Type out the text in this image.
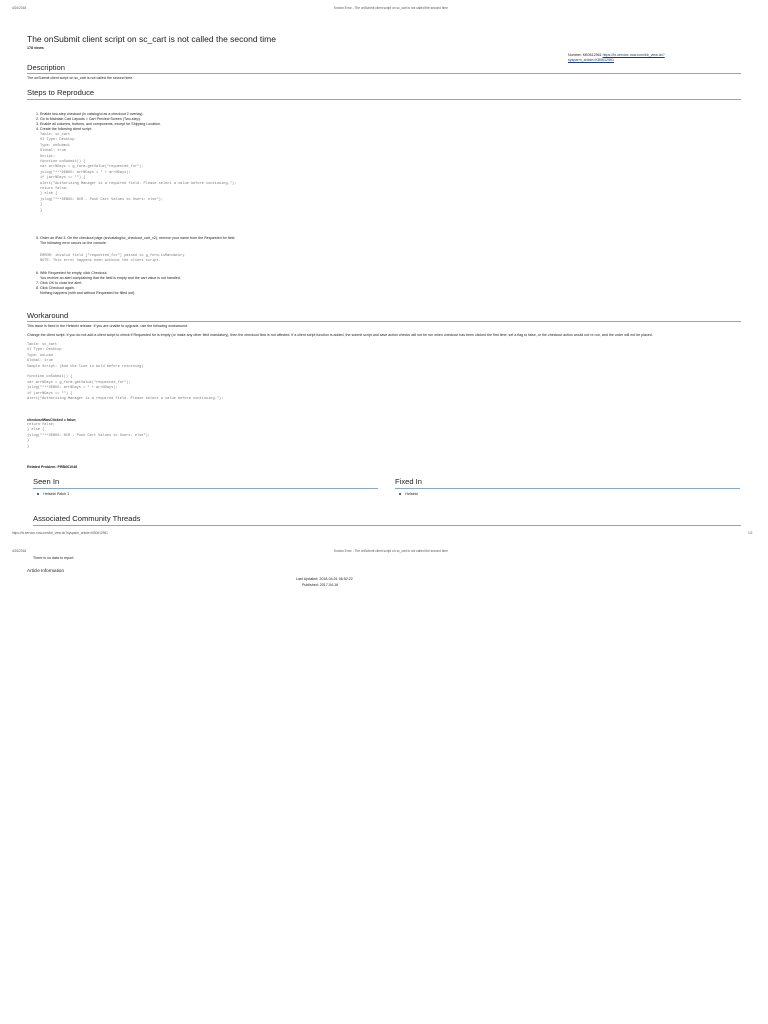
4/24/2018	Known Error - The onSubmit client script on sc_cart is not called the second time
The onSubmit client script on sc_cart is not called the second time
178 views
Number: KB0612961 https://hi.service-now.com/kb_view.do?
sysparm_article=KB0612961
Description
The onSubmit client script on sc_cart is not called the second time.
Steps to Reproduce
1. Enable two-step checkout (in catalog/ui as a checkout 2 overlay).
2. Go to Maintain Cart Layouts > Cart Preview Screen (Two-step).
3. Enable all columns, buttons, and components, except for Shipping Location.
4. Create the following client script:
Table: sc_cart
UI Type: Desktop
Type: onSubmit
Global: true
Script:
function onSubmit() {
var arrNDays = g_form.getValue("requested_for");
jslog("***DEBUG: arrNDays = " + arrNDays);
if (arrNDays == "") {
alert("Authorizing Manager is a required field. Please select a value before continuing.");
return false;
} else {
jslog("***DEBUG: NCR - Push Cart Values to Users: else");
}
}
5. Order an iPad 3. On the checkout page (sn/catalog/sc_checkout_cart_v2), remove your name from the Requested for field.
The following error occurs on the console:
ERROR: invalid field ["requested_for"] passed to g_form.isMandatory
NOTE: This error happens even without the client script.
6. With Requested for empty, click Checkout.
You receive an alert complaining that the field is empty and the cart value is not handled.
7. Click OK to close the alert.
8. Click Checkout again.
Nothing happens (with and without Requested for filled out).
Workaround
This issue is fixed in the Helsinki release. If you are unable to upgrade, use the following workaround.
Change the client script. If you do not add a client script to check if Requested for is empty (or make any other field mandatory), then the checkout flow is not affected. If a client script function is added, the submit script and save action checks will not be run when checkout has been clicked the first time; set a flag to false, or the checkout action would not re-run, and the order will not be placed.
Table: sc_cart
UI Type: Desktop
Type: onLoad
Global: true
Sample Script: (Add the line in bold before returning)

function onSubmit() {
var arrNDays = g_form.getValue("requested_for");
jslog("***DEBUG: arrNDays = " + arrNDays);
if (arrNDays == "") {
alert("Authorizing Manager is a required field. Please select a value before continuing.");
checkoutWasClicked = false;
return false;
} else {
jslog("***DEBUG: NCR - Push Cart Values to Users: else");
}
}
Related Problem: PRB661048
Seen In
Helsinki Patch 1
Fixed In
Helsinki
Associated Community Threads
https://hi.service-now.com/kb_view.do?sysparm_article=KB0612961	1/2
4/24/2018	Known Error - The onSubmit client script on sc_cart is not called the second time
There is no data to report.
Article Information
Last Updated: 2018-04-01 06:52:22
Published: 2017-04-16
